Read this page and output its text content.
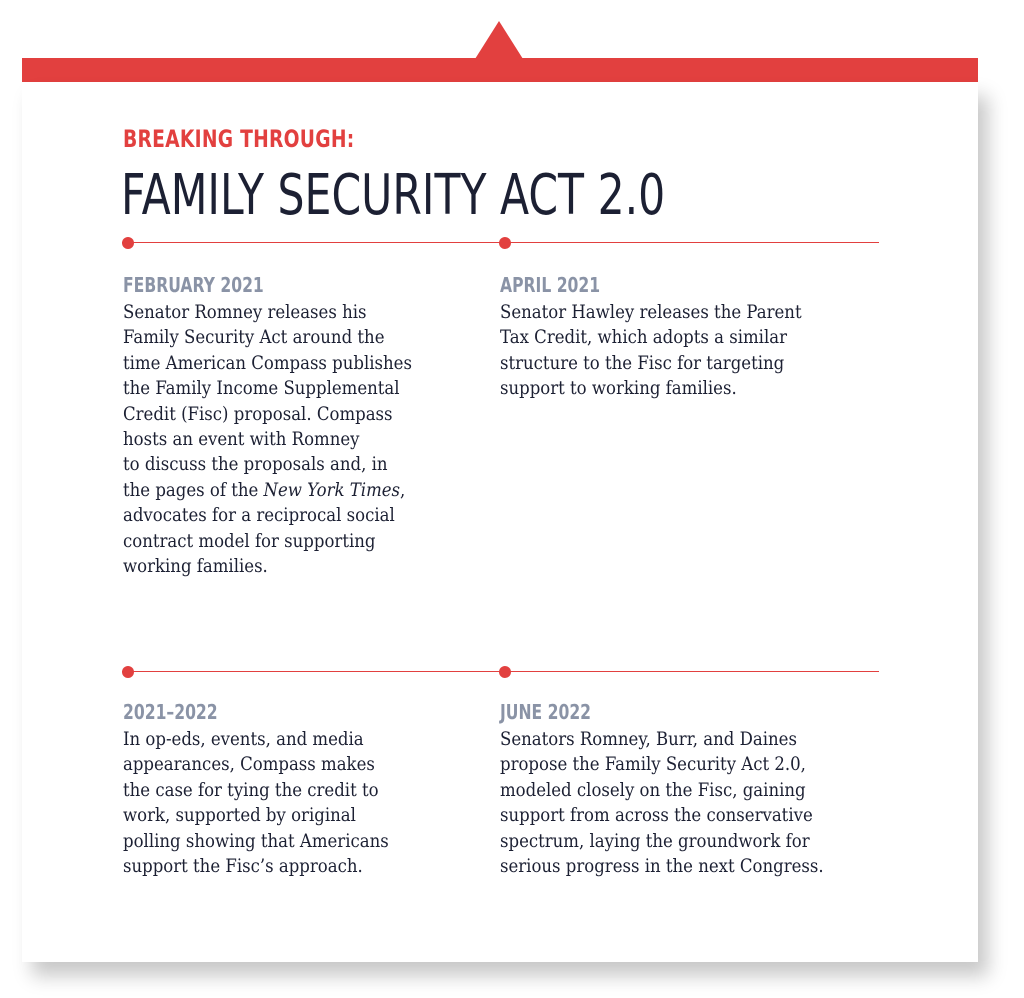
BREAKING THROUGH:
FAMILY SECURITY ACT 2.0
FEBRUARY 2021
Senator Romney releases his
Family Security Act around the
time American Compass publishes
the Family Income Supplemental
Credit (Fisc) proposal. Compass
hosts an event with Romney
to discuss the proposals and, in
the pages of the New York Times,
advocates for a reciprocal social
contract model for supporting
working families.
APRIL 2021
Senator Hawley releases the Parent
Tax Credit, which adopts a similar
structure to the Fisc for targeting
support to working families.
2021–2022
In op-eds, events, and media
appearances, Compass makes
the case for tying the credit to
work, supported by original
polling showing that Americans
support the Fisc’s approach.
JUNE 2022
Senators Romney, Burr, and Daines
propose the Family Security Act 2.0,
modeled closely on the Fisc, gaining
support from across the conservative
spectrum, laying the groundwork for
serious progress in the next Congress.
